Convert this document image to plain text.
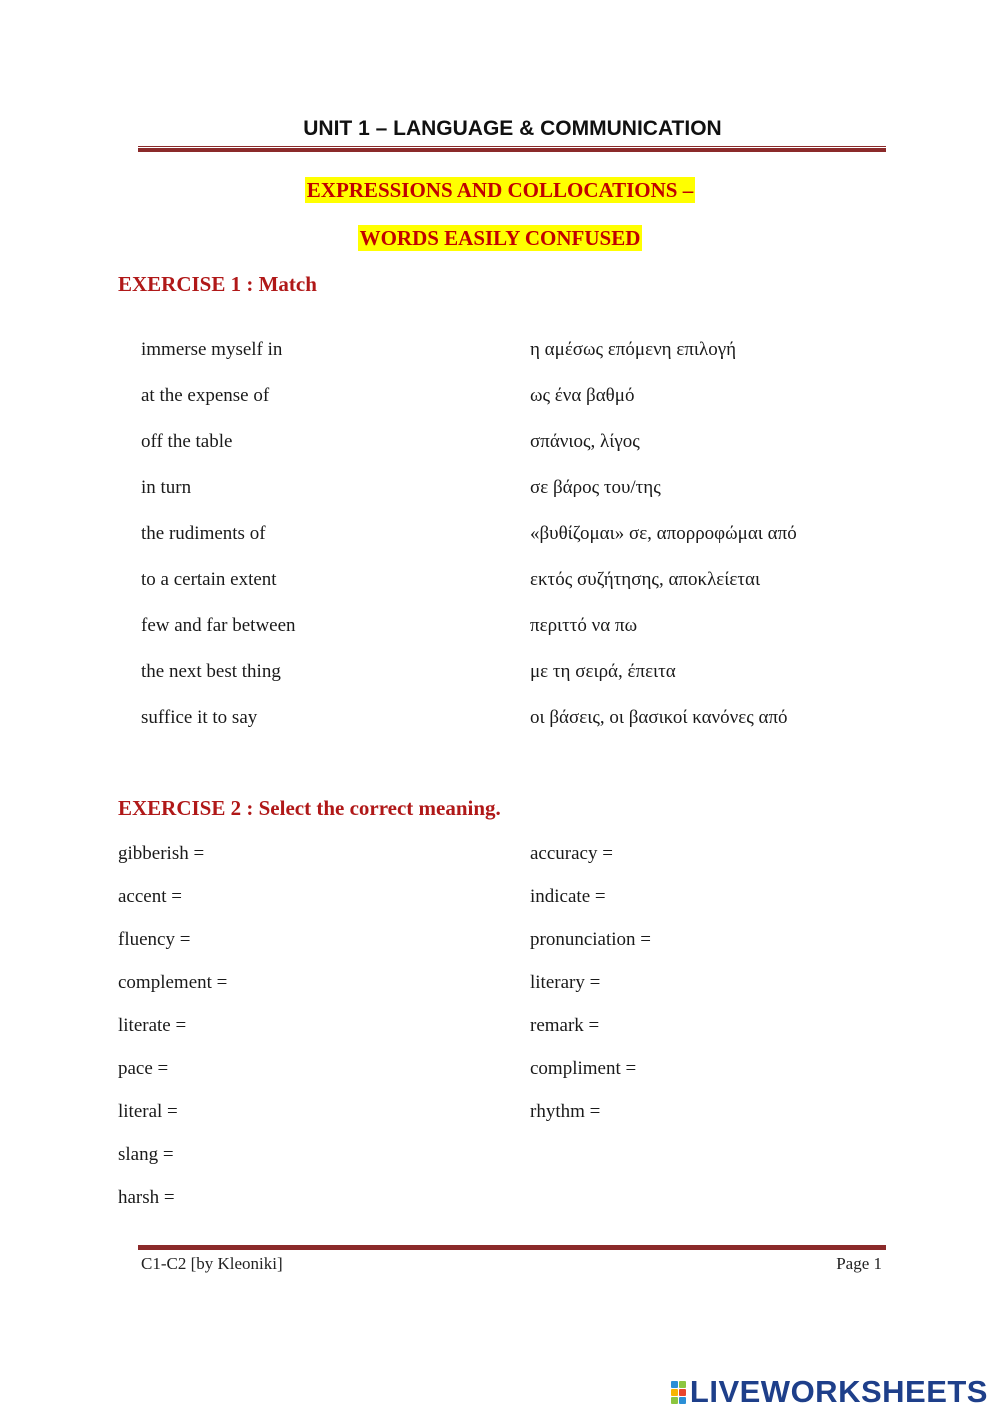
UNIT 1 – LANGUAGE & COMMUNICATION
EXPRESSIONS AND COLLOCATIONS –
WORDS EASILY CONFUSED
EXERCISE 1 : Match
immerse myself in
at the expense of
off the table
in turn
the rudiments of
to a certain extent
few and far between
the next best thing
suffice it to say
η αμέσως επόμενη επιλογή
ως ένα βαθμό
σπάνιος, λίγος
σε βάρος του/της
«βυθίζομαι» σε, απορροφώμαι από
εκτός συζήτησης, αποκλείεται
περιττό να πω
με τη σειρά, έπειτα
οι βάσεις, οι βασικοί κανόνες από
EXERCISE 2 : Select the correct meaning.
gibberish =
accent =
fluency =
complement =
literate =
pace =
literal =
slang =
harsh =
accuracy =
indicate =
pronunciation =
literary =
remark =
compliment =
rhythm =
C1-C2 [by Kleoniki]	Page 1
LIVEWORKSHEETS
